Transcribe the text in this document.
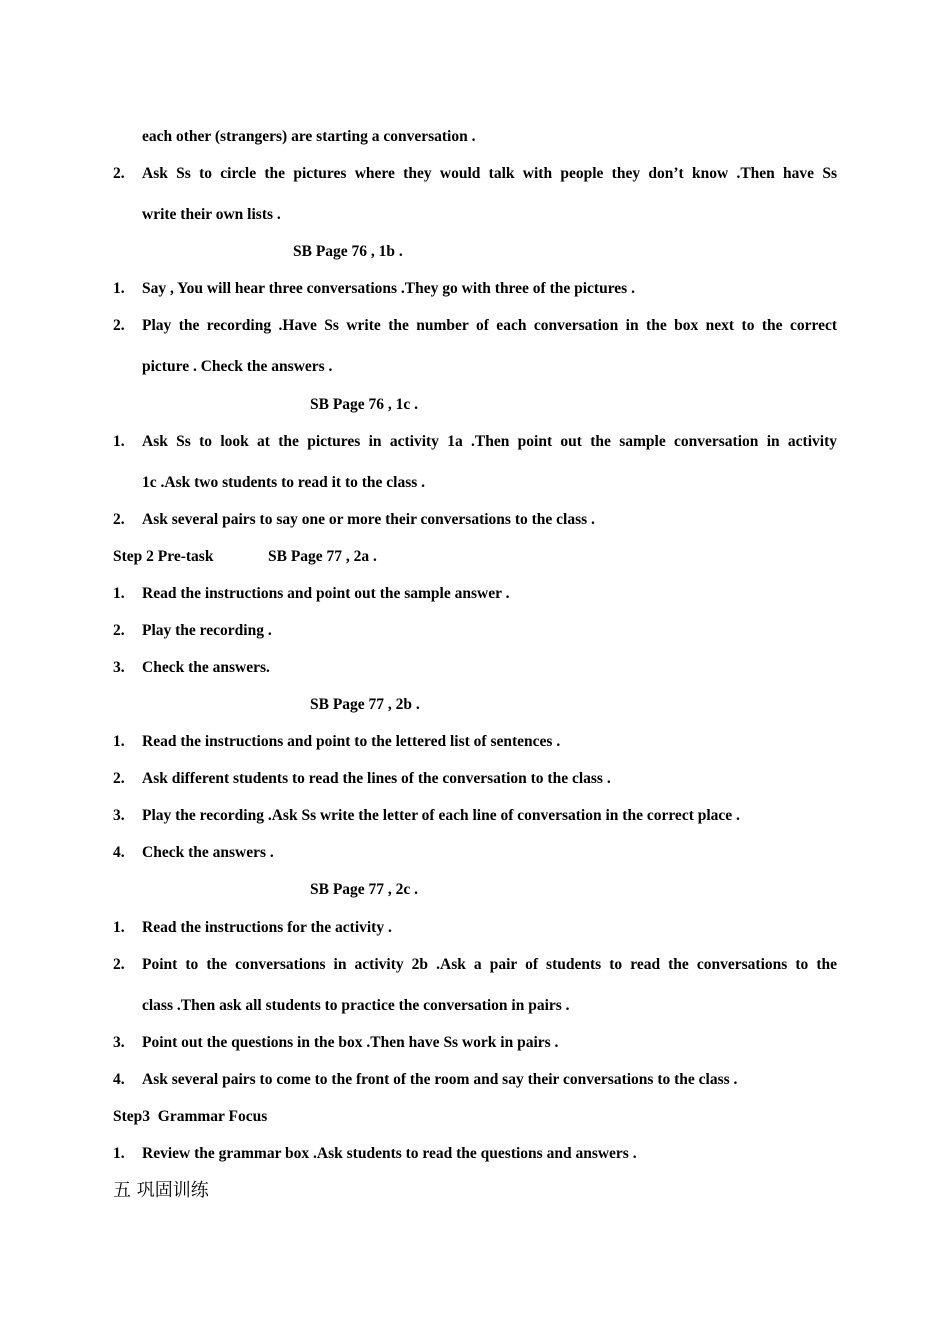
each other (strangers) are starting a conversation .
2. Ask Ss to circle the pictures where they would talk with people they don’t know .Then have Ss
write their own lists .
SB Page 76 , 1b .
1. Say , You will hear three conversations .They go with three of the pictures .
2. Play the recording .Have Ss write the number of each conversation in the box next to the correct
picture . Check the answers .
SB Page 76 , 1c .
1. Ask Ss to look at the pictures in activity 1a .Then point out the sample conversation in activity
1c .Ask two students to read it to the class .
2. Ask several pairs to say one or more their conversations to the class .
Step 2 Pre-task	SB Page 77 , 2a .
1. Read the instructions and point out the sample answer .
2. Play the recording .
3. Check the answers.
SB Page 77 , 2b .
1. Read the instructions and point to the lettered list of sentences .
2. Ask different students to read the lines of the conversation to the class .
3. Play the recording .Ask Ss write the letter of each line of conversation in the correct place .
4. Check the answers .
SB Page 77 , 2c .
1. Read the instructions for the activity .
2. Point to the conversations in activity 2b .Ask a pair of students to read the conversations to the
class .Then ask all students to practice the conversation in pairs .
3. Point out the questions in the box .Then have Ss work in pairs .
4. Ask several pairs to come to the front of the room and say their conversations to the class .
Step3  Grammar Focus
1. Review the grammar box .Ask students to read the questions and answers .
五 巩固训练
